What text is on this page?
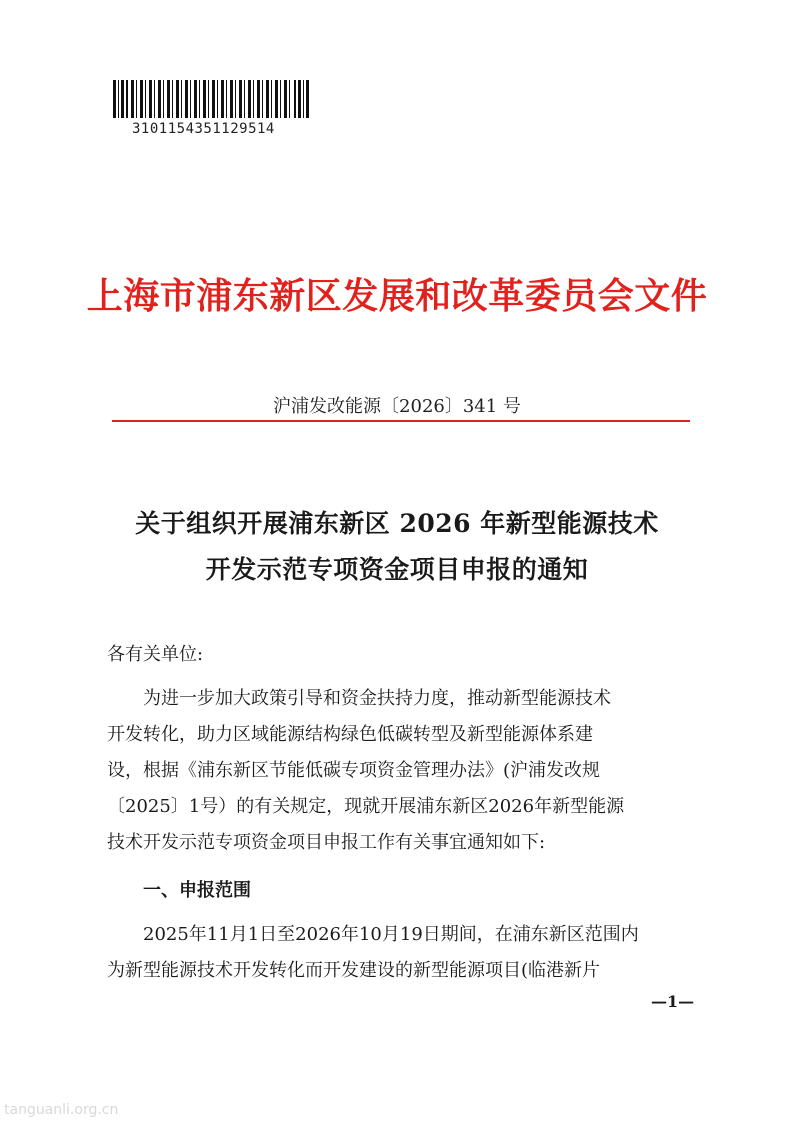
3101154351129514
上海市浦东新区发展和改革委员会文件
沪浦发改能源〔2026〕341 号
关于组织开展浦东新区 2026 年新型能源技术
开发示范专项资金项目申报的通知
各有关单位:
　　为进一步加大政策引导和资金扶持力度，推动新型能源技术
开发转化，助力区域能源结构绿色低碳转型及新型能源体系建
设，根据《浦东新区节能低碳专项资金管理办法》(沪浦发改规
〔2025〕1号）的有关规定，现就开展浦东新区2026年新型能源
技术开发示范专项资金项目申报工作有关事宜通知如下:
一、申报范围
　　2025年11月1日至2026年10月19日期间，在浦东新区范围内
为新型能源技术开发转化而开发建设的新型能源项目(临港新片
—1—
tanguanli.org.cn
